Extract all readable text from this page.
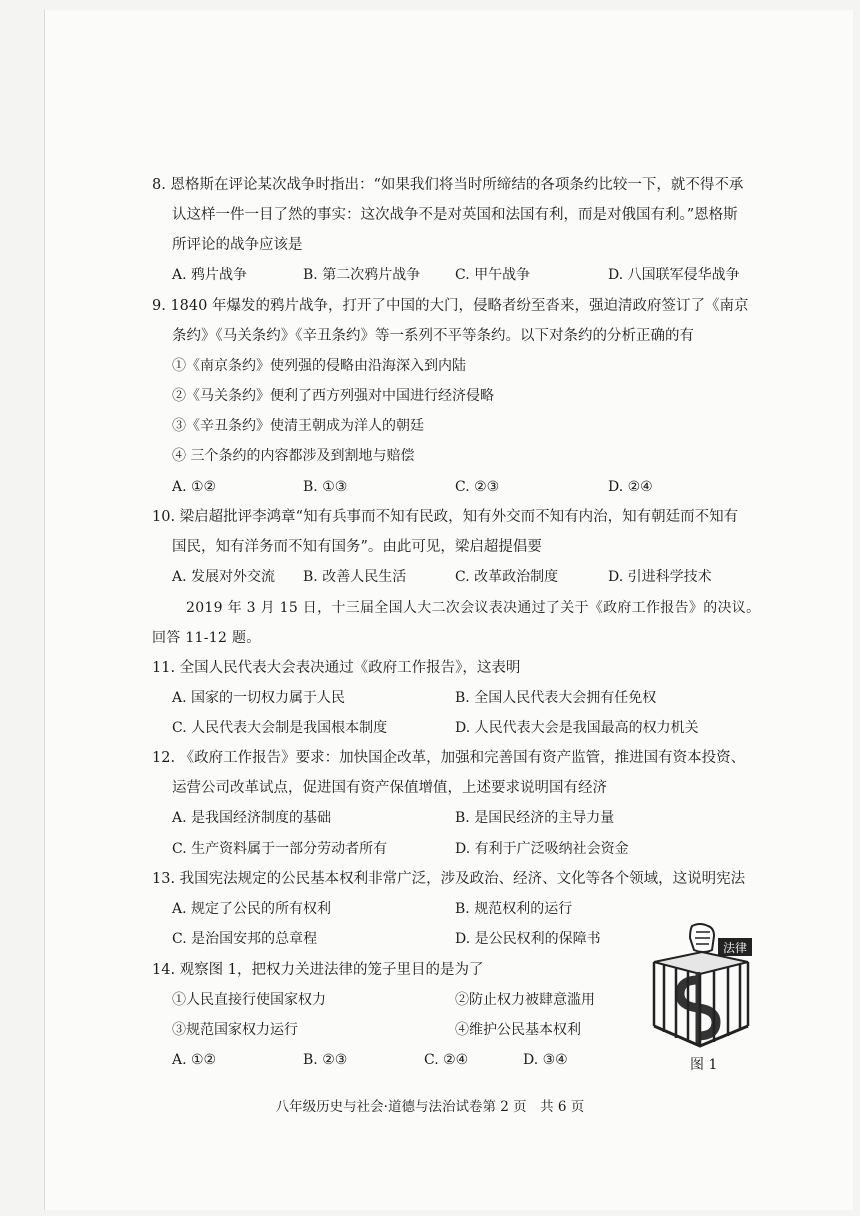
8. 恩格斯在评论某次战争时指出：“如果我们将当时所缔结的各项条约比较一下，就不得不承
认这样一件一目了然的事实：这次战争不是对英国和法国有利，而是对俄国有利。”恩格斯
所评论的战争应该是
A. 鸦片战争	B. 第二次鸦片战争 C. 甲午战争	D. 八国联军侵华战争
9. 1840 年爆发的鸦片战争，打开了中国的大门，侵略者纷至沓来，强迫清政府签订了《南京
条约》《马关条约》《辛丑条约》等一系列不平等条约。以下对条约的分析正确的有
①《南京条约》使列强的侵略由沿海深入到内陆
②《马关条约》便利了西方列强对中国进行经济侵略
③《辛丑条约》使清王朝成为洋人的朝廷
④ 三个条约的内容都涉及到割地与赔偿
A. ①②	B. ①③	C. ②③	D. ②④
10. 梁启超批评李鸿章“知有兵事而不知有民政，知有外交而不知有内治，知有朝廷而不知有
国民，知有洋务而不知有国务”。由此可见，梁启超提倡要
A. 发展对外交流 B. 改善人民生活	C. 改革政治制度	D. 引进科学技术
2019 年 3 月 15 日，十三届全国人大二次会议表决通过了关于《政府工作报告》的决议。
回答 11-12 题。
11. 全国人民代表大会表决通过《政府工作报告》，这表明
A. 国家的一切权力属于人民	B. 全国人民代表大会拥有任免权
C. 人民代表大会制是我国根本制度	D. 人民代表大会是我国最高的权力机关
12. 《政府工作报告》要求：加快国企改革，加强和完善国有资产监管，推进国有资本投资、
运营公司改革试点，促进国有资产保值增值，上述要求说明国有经济
A. 是我国经济制度的基础	B. 是国民经济的主导力量
C. 生产资料属于一部分劳动者所有	D. 有利于广泛吸纳社会资金
13. 我国宪法规定的公民基本权利非常广泛，涉及政治、经济、文化等各个领域，这说明宪法
A. 规定了公民的所有权利	B. 规范权利的运行
C. 是治国安邦的总章程	D. 是公民权利的保障书
14. 观察图 1，把权力关进法律的笼子里目的是为了
①人民直接行使国家权力	②防止权力被肆意滥用
③规范国家权力运行	④维护公民基本权利
A. ①②	B. ②③	C. ②④	D. ③④
法律
图 1
八年级历史与社会·道德与法治试卷第 2 页　共 6 页
